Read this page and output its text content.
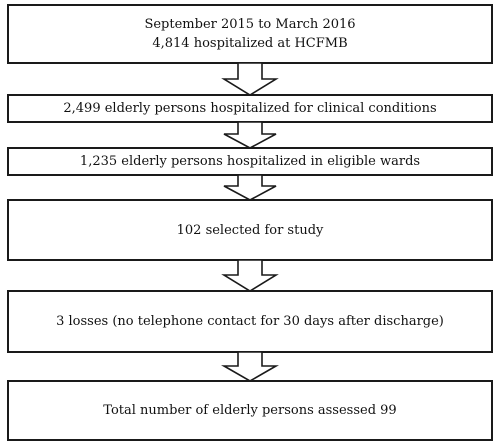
September 2015 to March 2016
4,814 hospitalized at HCFMB
2,499 elderly persons hospitalized for clinical conditions
1,235 elderly persons hospitalized in eligible wards
102 selected for study
3 losses (no telephone contact for 30 days after discharge)
Total number of elderly persons assessed 99
